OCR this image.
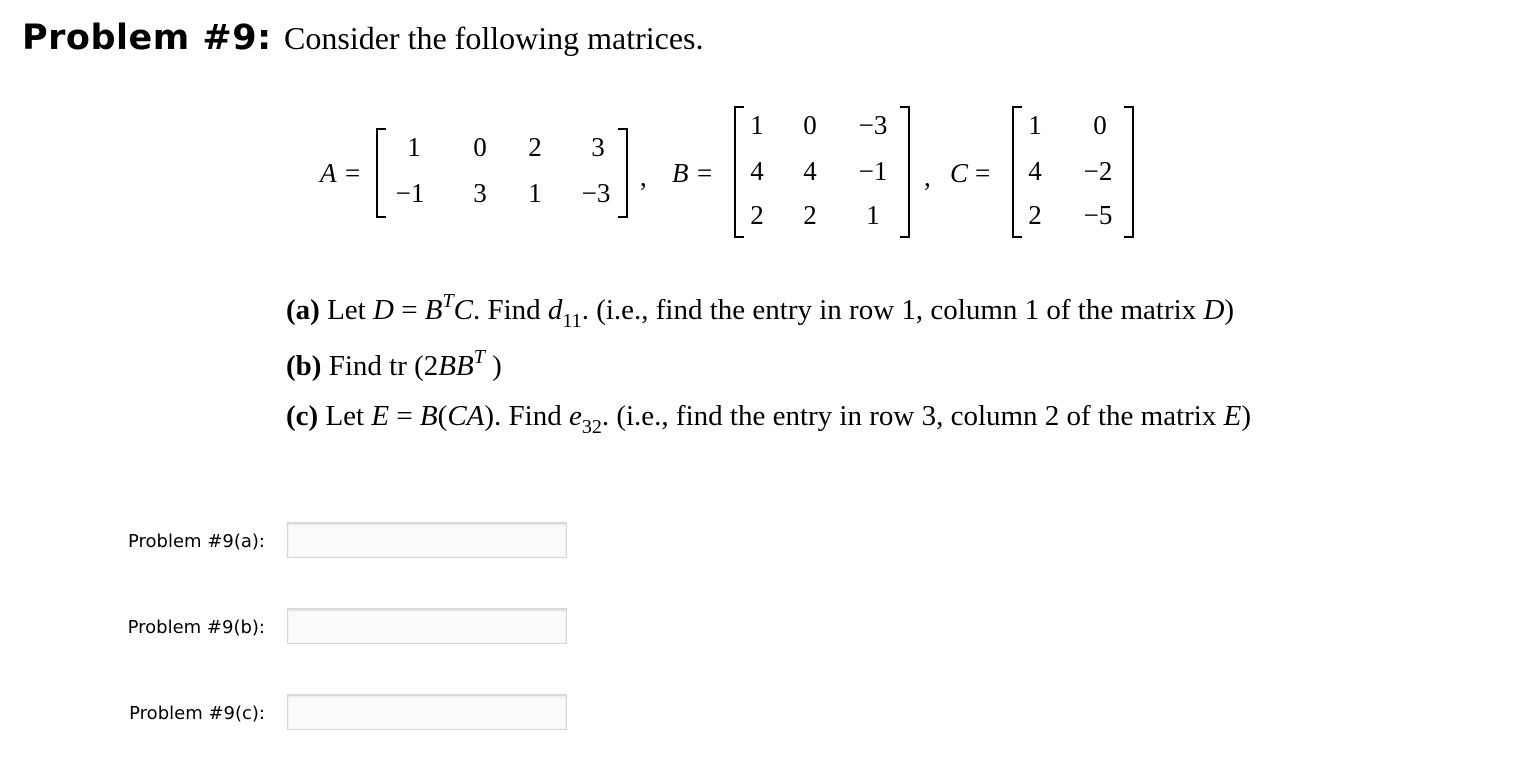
Problem #9: Consider the following matrices.
A =
1	0	2	3
−1	3	1	−3
, B =
1	0	−3
4	4	−1
2	2	1
, C =
1	0
4	−2
2	−5
(a) Let $D = B^TC$. Find $d_{11}$. (i.e., find the entry in row 1, column 1 of the matrix D)
(b) Find tr ($2BB^T$ )
(c) Let E = B(CA). Find $e_{32}$. (i.e., find the entry in row 3, column 2 of the matrix E)
Problem #9(a):
Problem #9(b):
Problem #9(c):
